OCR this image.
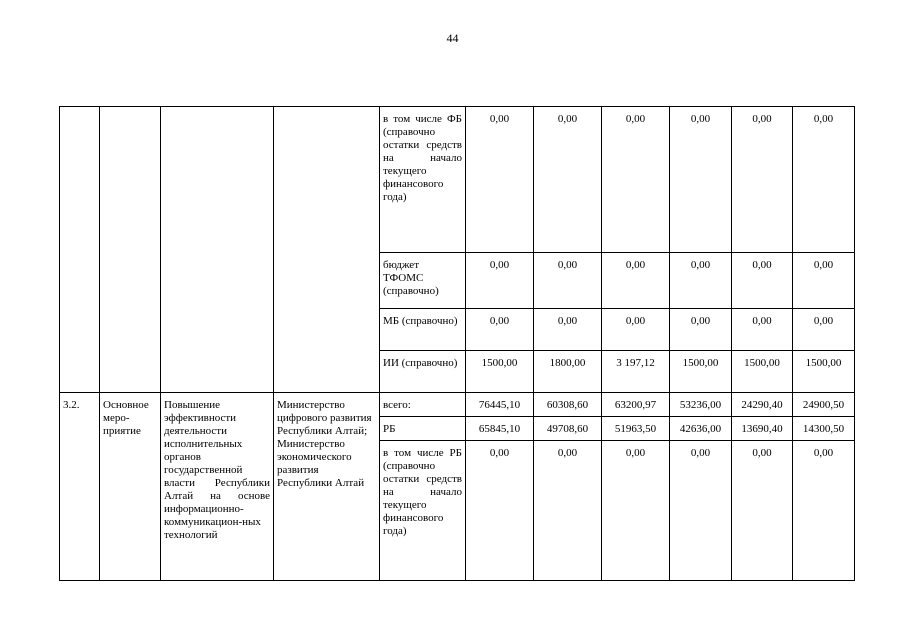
44
				в том числе ФБ (справочно остатки средств на начало текущего финансового года)	0,00	0,00	0,00	0,00	0,00	0,00
				бюджет ТФОМС (справочно)	0,00	0,00	0,00	0,00	0,00	0,00
				МБ (справочно)	0,00	0,00	0,00	0,00	0,00	0,00
				ИИ (справочно)	1500,00	1800,00	3 197,12	1500,00	1500,00	1500,00
3.2.	Основное меро-приятие	Повышение эффективности деятельности исполнительных органов государственной власти Республики Алтай на основе информационно-коммуникацион-ных технологий	Министерство цифрового развития Республики Алтай; Министерство экономического развития Республики Алтай	всего:	76445,10	60308,60	63200,97	53236,00	24290,40	24900,50
				РБ	65845,10	49708,60	51963,50	42636,00	13690,40	14300,50
				в том числе РБ (справочно остатки средств на начало текущего финансового года)	0,00	0,00	0,00	0,00	0,00	0,00
